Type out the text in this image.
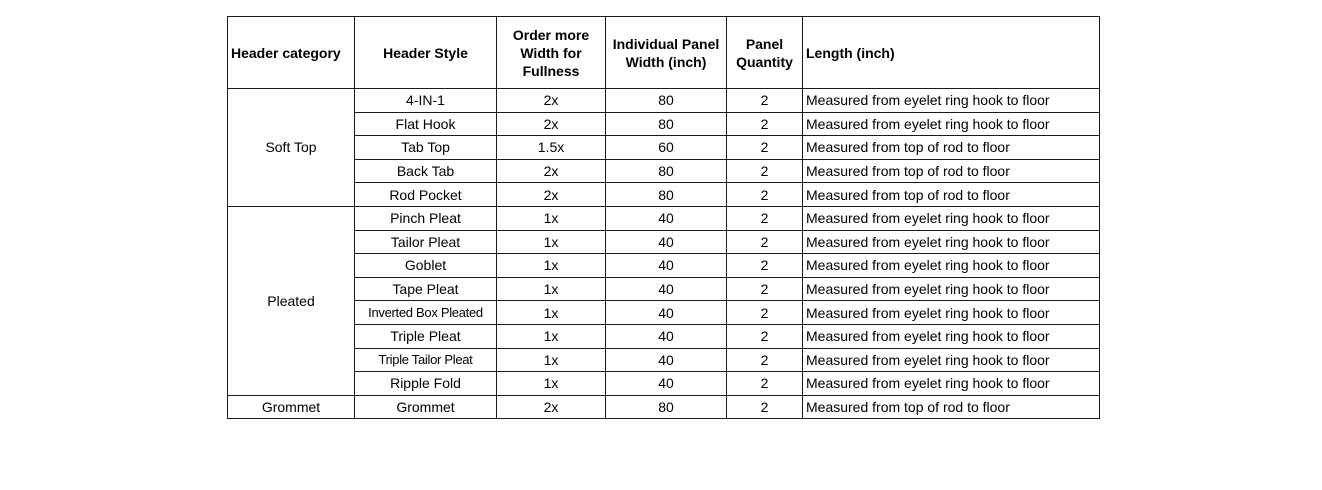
Header category	Header Style	Order more Width for Fullness	Individual Panel Width (inch)	Panel Quantity	Length (inch)
Soft Top	4-IN-1	2x	80	2	Measured from eyelet ring hook to floor
	Flat Hook	2x	80	2	Measured from eyelet ring hook to floor
	Tab Top	1.5x	60	2	Measured from top of rod to floor
	Back Tab	2x	80	2	Measured from top of rod to floor
	Rod Pocket	2x	80	2	Measured from top of rod to floor
Pleated	Pinch Pleat	1x	40	2	Measured from eyelet ring hook to floor
	Tailor Pleat	1x	40	2	Measured from eyelet ring hook to floor
	Goblet	1x	40	2	Measured from eyelet ring hook to floor
	Tape Pleat	1x	40	2	Measured from eyelet ring hook to floor
	Inverted Box Pleated	1x	40	2	Measured from eyelet ring hook to floor
	Triple Pleat	1x	40	2	Measured from eyelet ring hook to floor
	Triple Tailor Pleat	1x	40	2	Measured from eyelet ring hook to floor
	Ripple Fold	1x	40	2	Measured from eyelet ring hook to floor
Grommet	Grommet	2x	80	2	Measured from top of rod to floor
